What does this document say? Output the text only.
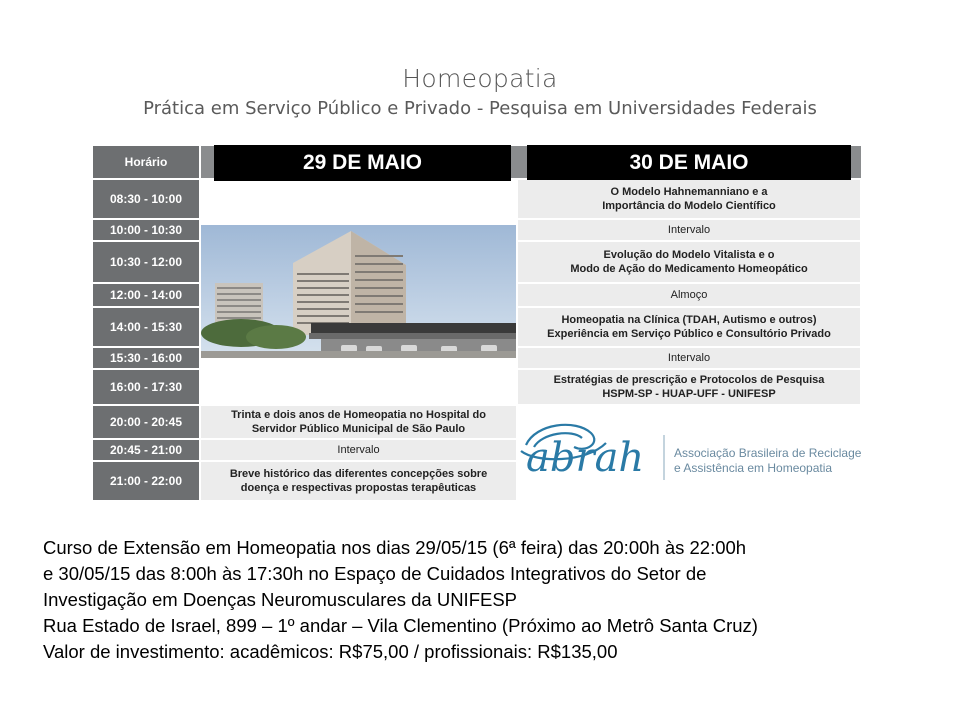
Homeopatia
Prática em Serviço Público e Privado - Pesquisa em Universidades Federais
Horário
08:30 - 10:00
10:00 - 10:30
10:30 - 12:00
12:00 - 14:00
14:00 - 15:30
15:30 - 16:00
16:00 - 17:30
20:00 - 20:45
20:45 - 21:00
21:00 - 22:00
29 DE MAIO	30 DE MAIO
O Modelo Hahnemanniano e a
Importância do Modelo Científico
Intervalo
Evolução do Modelo Vitalista e o
Modo de Ação do Medicamento Homeopático
Almoço
Homeopatia na Clínica (TDAH, Autismo e outros)
Experiência em Serviço Público e Consultório Privado
Intervalo
Estratégias de prescrição e Protocolos de Pesquisa
HSPM-SP - HUAP-UFF - UNIFESP
Trinta e dois anos de Homeopatia no Hospital do
Servidor Público Municipal de São Paulo
Intervalo
Breve histórico das diferentes concepções sobre
doença e respectivas propostas terapêuticas
abrah Associação Brasileira de Reciclagem
e Assistência em Homeopatia
Curso de Extensão em Homeopatia nos dias 29/05/15 (6ª feira) das 20:00h às 22:00h
e 30/05/15 das 8:00h às 17:30h no Espaço de Cuidados Integrativos do Setor de
Investigação em Doenças Neuromusculares da UNIFESP
Rua Estado de Israel, 899 – 1º andar – Vila Clementino (Próximo ao Metrô Santa Cruz)
Valor de investimento: acadêmicos: R$75,00 / profissionais: R$135,00
